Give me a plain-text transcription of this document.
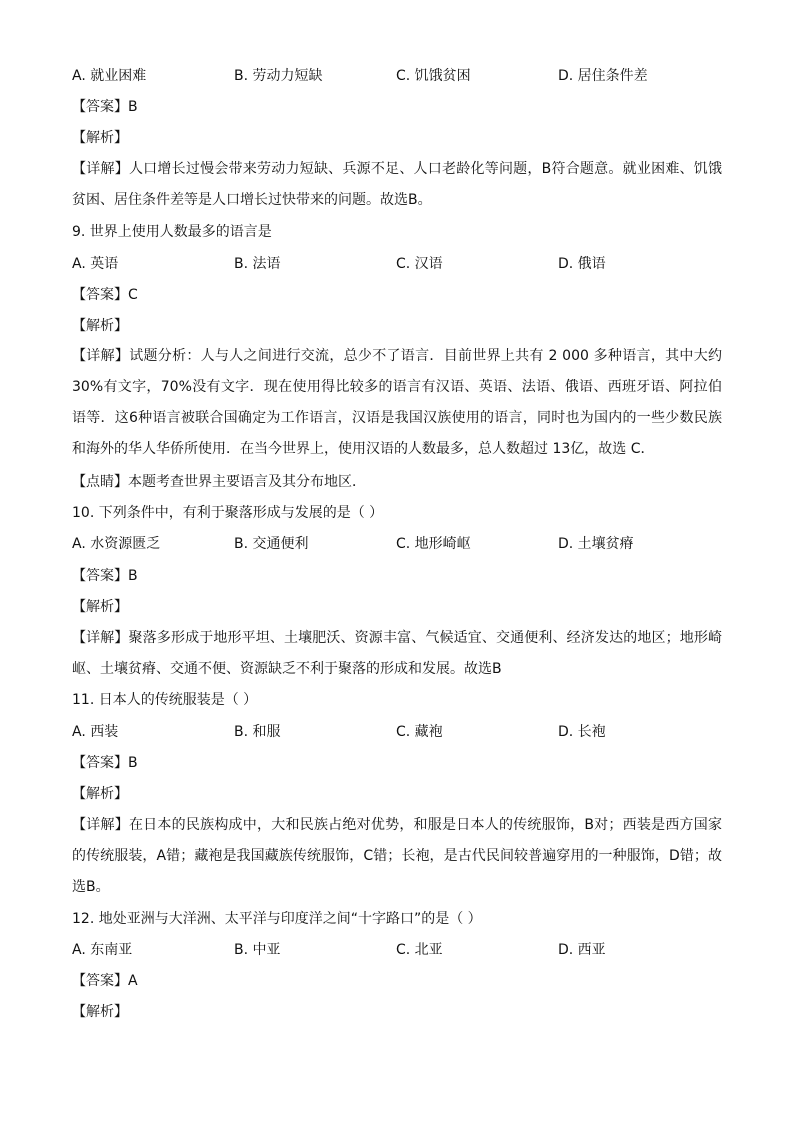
A. 就业困难	B. 劳动力短缺	C. 饥饿贫困	D. 居住条件差
【答案】B
【解析】
【详解】人口增长过慢会带来劳动力短缺、兵源不足、人口老龄化等问题，B符合题意。就业困难、饥饿贫困、居住条件差等是人口增长过快带来的问题。故选B。
9. 世界上使用人数最多的语言是
A. 英语	B. 法语	C. 汉语	D. 俄语
【答案】C
【解析】
【详解】试题分析：人与人之间进行交流，总少不了语言．目前世界上共有 2 000 多种语言，其中大约 30%有文字，70%没有文字．现在使用得比较多的语言有汉语、英语、法语、俄语、西班牙语、阿拉伯语等．这6种语言被联合国确定为工作语言，汉语是我国汉族使用的语言，同时也为国内的一些少数民族和海外的华人华侨所使用．在当今世界上，使用汉语的人数最多，总人数超过 13亿，故选 C．
【点睛】本题考查世界主要语言及其分布地区．
10. 下列条件中，有利于聚落形成与发展的是（ ）
A. 水资源匮乏	B. 交通便利	C. 地形崎岖	D. 土壤贫瘠
【答案】B
【解析】
【详解】聚落多形成于地形平坦、土壤肥沃、资源丰富、气候适宜、交通便利、经济发达的地区；地形崎岖、土壤贫瘠、交通不便、资源缺乏不利于聚落的形成和发展。故选B
11. 日本人的传统服装是（ ）
A. 西装	B. 和服	C. 藏袍	D. 长袍
【答案】B
【解析】
【详解】在日本的民族构成中，大和民族占绝对优势，和服是日本人的传统服饰，B对；西装是西方国家的传统服装，A错；藏袍是我国藏族传统服饰，C错；长袍，是古代民间较普遍穿用的一种服饰，D错；故选B。
12. 地处亚洲与大洋洲、太平洋与印度洋之间“十字路口”的是（ ）
A. 东南亚	B. 中亚	C. 北亚	D. 西亚
【答案】A
【解析】
